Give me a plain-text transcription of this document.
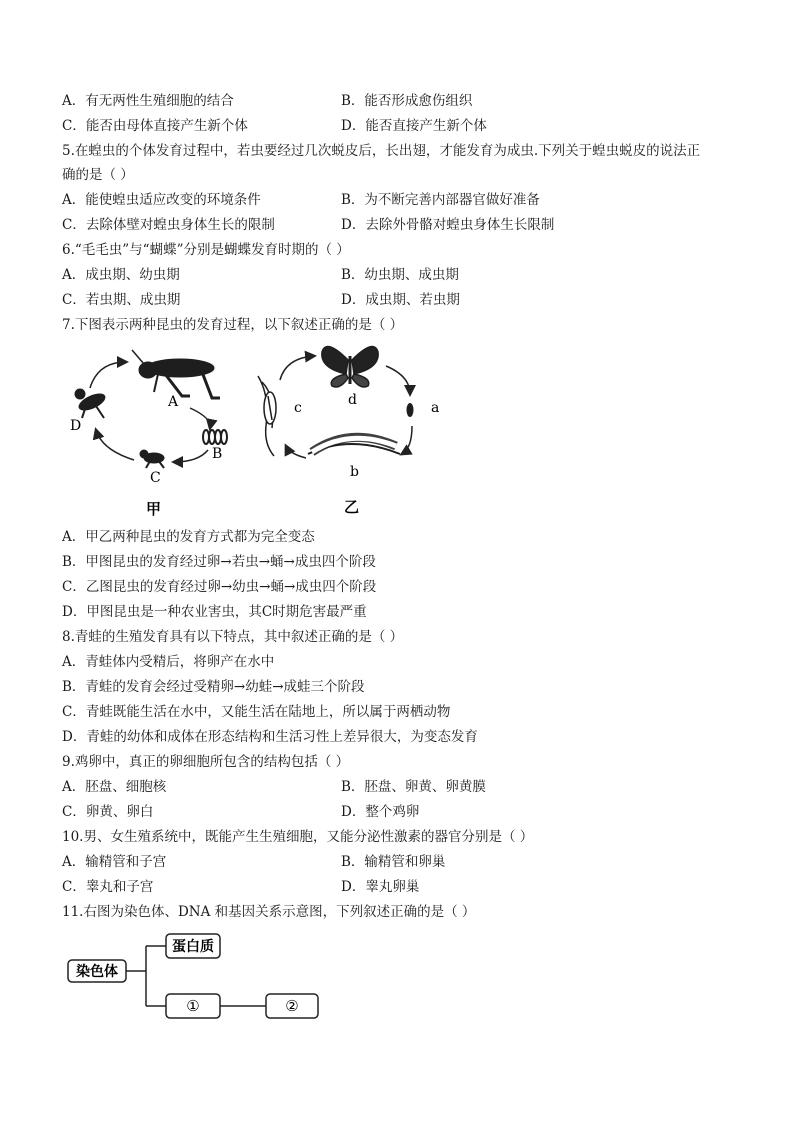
A．有无两性生殖细胞的结合	B．能否形成愈伤组织
C．能否由母体直接产生新个体	D．能否直接产生新个体
5.在蝗虫的个体发育过程中，若虫要经过几次蜕皮后，长出翅，才能发育为成虫.下列关于蝗虫蜕皮的说法正
确的是（ ）
A．能使蝗虫适应改变的环境条件	B．为不断完善内部器官做好准备
C．去除体壁对蝗虫身体生长的限制	D．去除外骨骼对蝗虫身体生长限制
6.“毛毛虫”与“蝴蝶”分别是蝴蝶发育时期的（ ）
A．成虫期、幼虫期	B．幼虫期、成虫期
C．若虫期、成虫期	D．成虫期、若虫期
7.下图表示两种昆虫的发育过程，以下叙述正确的是（ ）
A
B
C
D
甲
a
b
c	d
乙
A．甲乙两种昆虫的发育方式都为完全变态
B．甲图昆虫的发育经过卵→若虫→蛹→成虫四个阶段
C．乙图昆虫的发育经过卵→幼虫→蛹→成虫四个阶段
D．甲图昆虫是一种农业害虫，其C时期危害最严重
8.青蛙的生殖发育具有以下特点，其中叙述正确的是（ ）
A．青蛙体内受精后，将卵产在水中
B．青蛙的发育会经过受精卵→幼蛙→成蛙三个阶段
C．青蛙既能生活在水中，又能生活在陆地上，所以属于两栖动物
D．青蛙的幼体和成体在形态结构和生活习性上差异很大，为变态发育
9.鸡卵中，真正的卵细胞所包含的结构包括（ ）
A．胚盘、细胞核	B．胚盘、卵黄、卵黄膜
C．卵黄、卵白	D．整个鸡卵
10.男、女生殖系统中，既能产生生殖细胞，又能分泌性激素的器官分别是（ ）
A．输精管和子宫	B．输精管和卵巢
C．睾丸和子宫	D．睾丸卵巢
11.右图为染色体、DNA 和基因关系示意图，下列叙述正确的是（ ）
染色体
蛋白质
①	②
